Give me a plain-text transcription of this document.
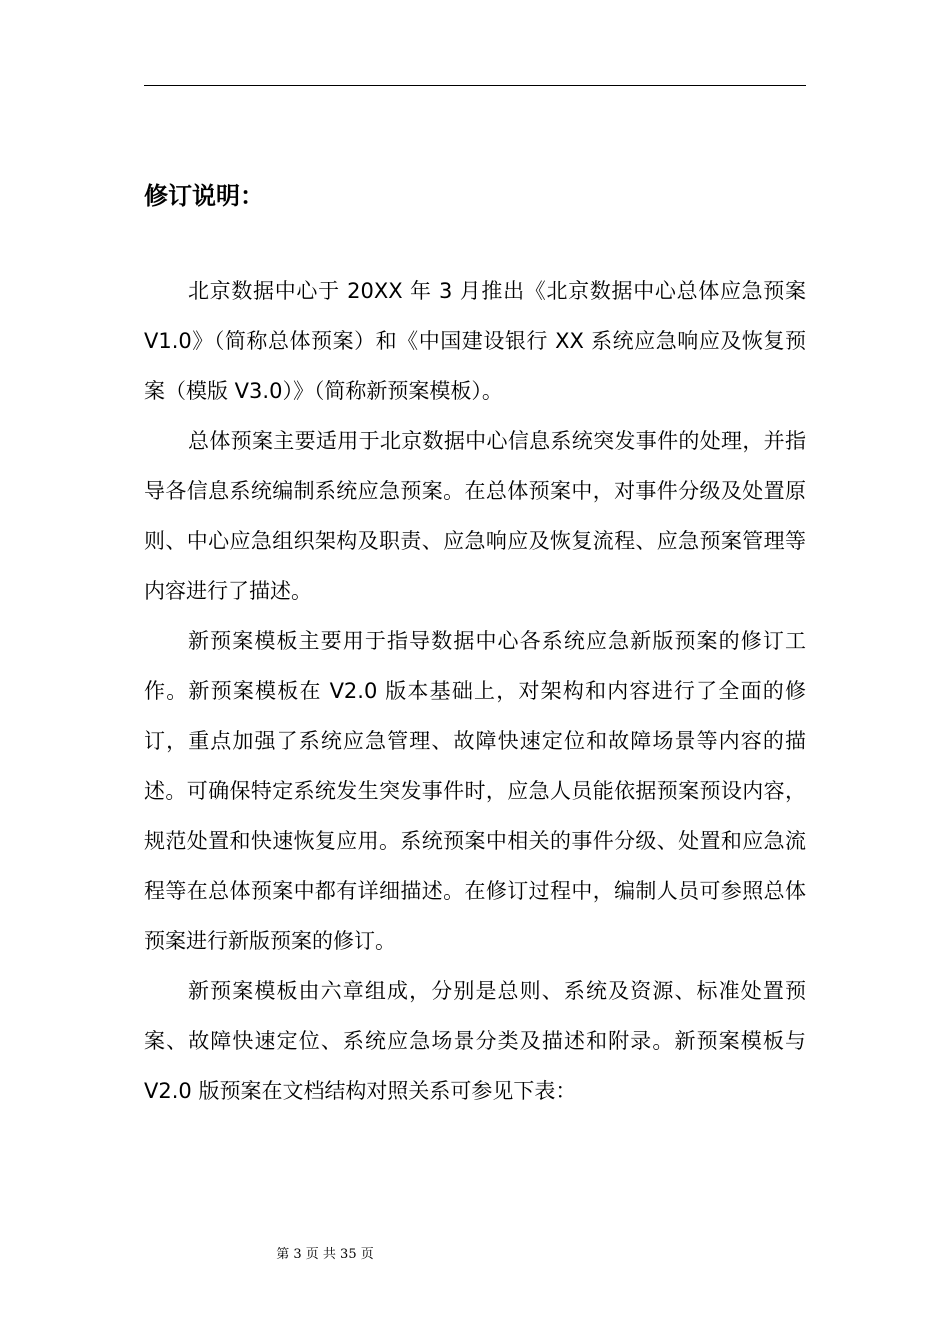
修订说明：

北京数据中心于 20XX 年 3 月推出《北京数据中心总体应急预案V1.0》（简称总体预案）和《中国建设银行 XX 系统应急响应及恢复预案（模版 V3.0）》（简称新预案模板）。

总体预案主要适用于北京数据中心信息系统突发事件的处理，并指导各信息系统编制系统应急预案。在总体预案中，对事件分级及处置原则、中心应急组织架构及职责、应急响应及恢复流程、应急预案管理等内容进行了描述。

新预案模板主要用于指导数据中心各系统应急新版预案的修订工作。新预案模板在 V2.0 版本基础上，对架构和内容进行了全面的修订，重点加强了系统应急管理、故障快速定位和故障场景等内容的描述。可确保特定系统发生突发事件时，应急人员能依据预案预设内容，规范处置和快速恢复应用。系统预案中相关的事件分级、处置和应急流程等在总体预案中都有详细描述。在修订过程中，编制人员可参照总体预案进行新版预案的修订。

新预案模板由六章组成，分别是总则、系统及资源、标准处置预案、故障快速定位、系统应急场景分类及描述和附录。新预案模板与V2.0 版预案在文档结构对照关系可参见下表：

第 3 页 共 35 页
